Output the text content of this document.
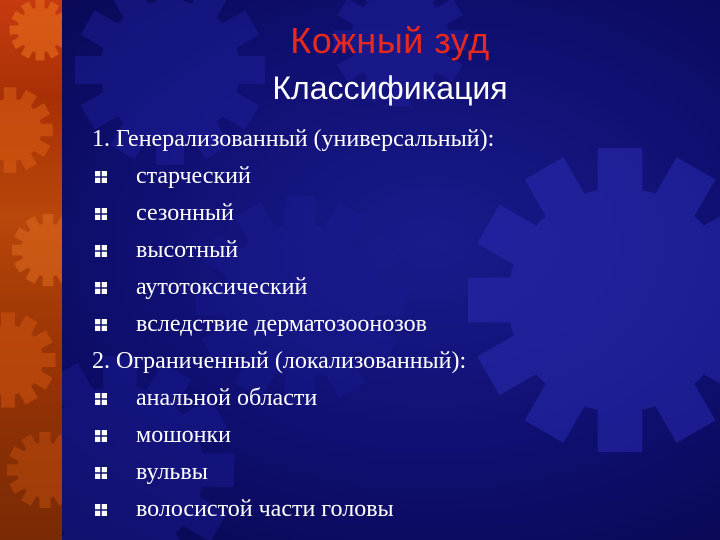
Кожный зуд
Классификация
1. Генерализованный (универсальный):
старческий
сезонный
высотный
аутотоксический
вследствие дерматозоонозов
2. Ограниченный (локализованный):
анальной области
мошонки
вульвы
волосистой части головы
